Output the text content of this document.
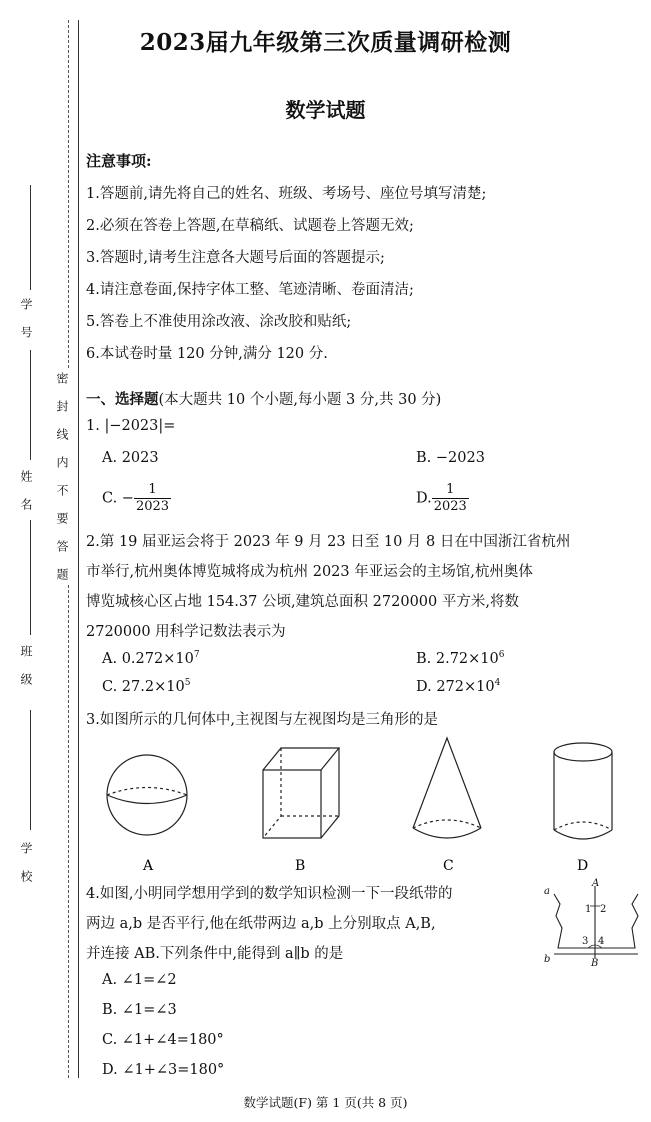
学　号
姓　名
班　级
学　校
密　封　线　内　不　要　答　题
2023届九年级第三次质量调研检测
数学试题
注意事项:
1.答题前,请先将自己的姓名、班级、考场号、座位号填写清楚;
2.必须在答卷上答题,在草稿纸、试题卷上答题无效;
3.答题时,请考生注意各大题号后面的答题提示;
4.请注意卷面,保持字体工整、笔迹清晰、卷面清洁;
5.答卷上不准使用涂改液、涂改胶和贴纸;
6.本试卷时量 120 分钟,满分 120 分.
一、选择题(本大题共 10 个小题,每小题 3 分,共 30 分)
1. |−2023|=
A. 2023	B. −2023
C. − $\frac{1}{2023}$	D. $\frac{1}{2023}$
2.第 19 届亚运会将于 2023 年 9 月 23 日至 10 月 8 日在中国浙江省杭州
市举行,杭州奥体博览城将成为杭州 2023 年亚运会的主场馆,杭州奥体
博览城核心区占地 154.37 公顷,建筑总面积 2720000 平方米,将数
2720000 用科学记数法表示为
A. $0.272\times 10^7$	B. $2.72\times 10^6$
C. $27.2\times 10^5$	D. $272\times 10^4$
3.如图所示的几何体中,主视图与左视图均是三角形的是
A	B	C	D
4.如图,小明同学想用学到的数学知识检测一下一段纸带的
两边 a,b 是否平行,他在纸带两边 a,b 上分别取点 A,B,
并连接 AB.下列条件中,能得到 a∥b 的是
A. ∠1=∠2
B. ∠1=∠3
C. ∠1+∠4=180°
D. ∠1+∠3=180°
a
b
A
B
1 2
3 4
数学试题(F) 第 1 页(共 8 页)
